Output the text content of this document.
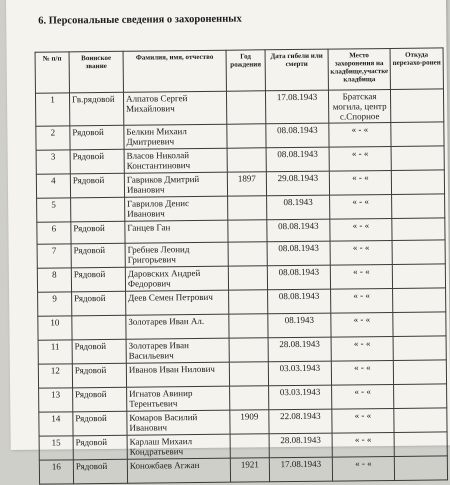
6. Персональные сведения о захороненных
№ п/п	Воинское звание	Фамилия, имя, отчество	Год рождения	Дата гибели или смерти	Место захоронения на кладбище,участке кладбища	Откуда перезахо-ронен
1	Гв.рядовой	Алпатов Сергей Михайлович		17.08.1943	Братская могила, центр с.Спорное	
2	Рядовой	Белкин Михаил Дмитриевич		08.08.1943	« - «	
3	Рядовой	Власов Николай Константинович		08.08.1943	« - «	
4	Рядовой	Гавриков Дмитрий Иванович	1897	29.08.1943	« - «	
5		Гаврилов Денис Иванович		08.1943	« - «	
6	Рядовой	Ганцев Ган		08.08.1943	« - «	
7	Рядовой	Гребнев Леонид Григорьевич		08.08.1943	« - «	
8	Рядовой	Даровских Андрей Федорович		08.08.1943	« - «	
9	Рядовой	Деев Семен Петрович		08.08.1943	« - «	
10		Золотарев Иван Ал.		08.1943	« - «	
11	Рядовой	Золотарев Иван Васильевич		28.08.1943	« - «	
12	Рядовой	Иванов Иван Нилович		03.03.1943	« - «	
13	Рядовой	Игнатов Авинир Терентьевич		03.03.1943	« - «	
14	Рядовой	Комаров Василий Иванович	1909	22.08.1943	« - «	
15	Рядовой	Карлаш Михаил Кондратьевич		28.08.1943	« - «	
16	Рядовой	Коножбаев Агжан	1921	17.08.1943	« - «	
